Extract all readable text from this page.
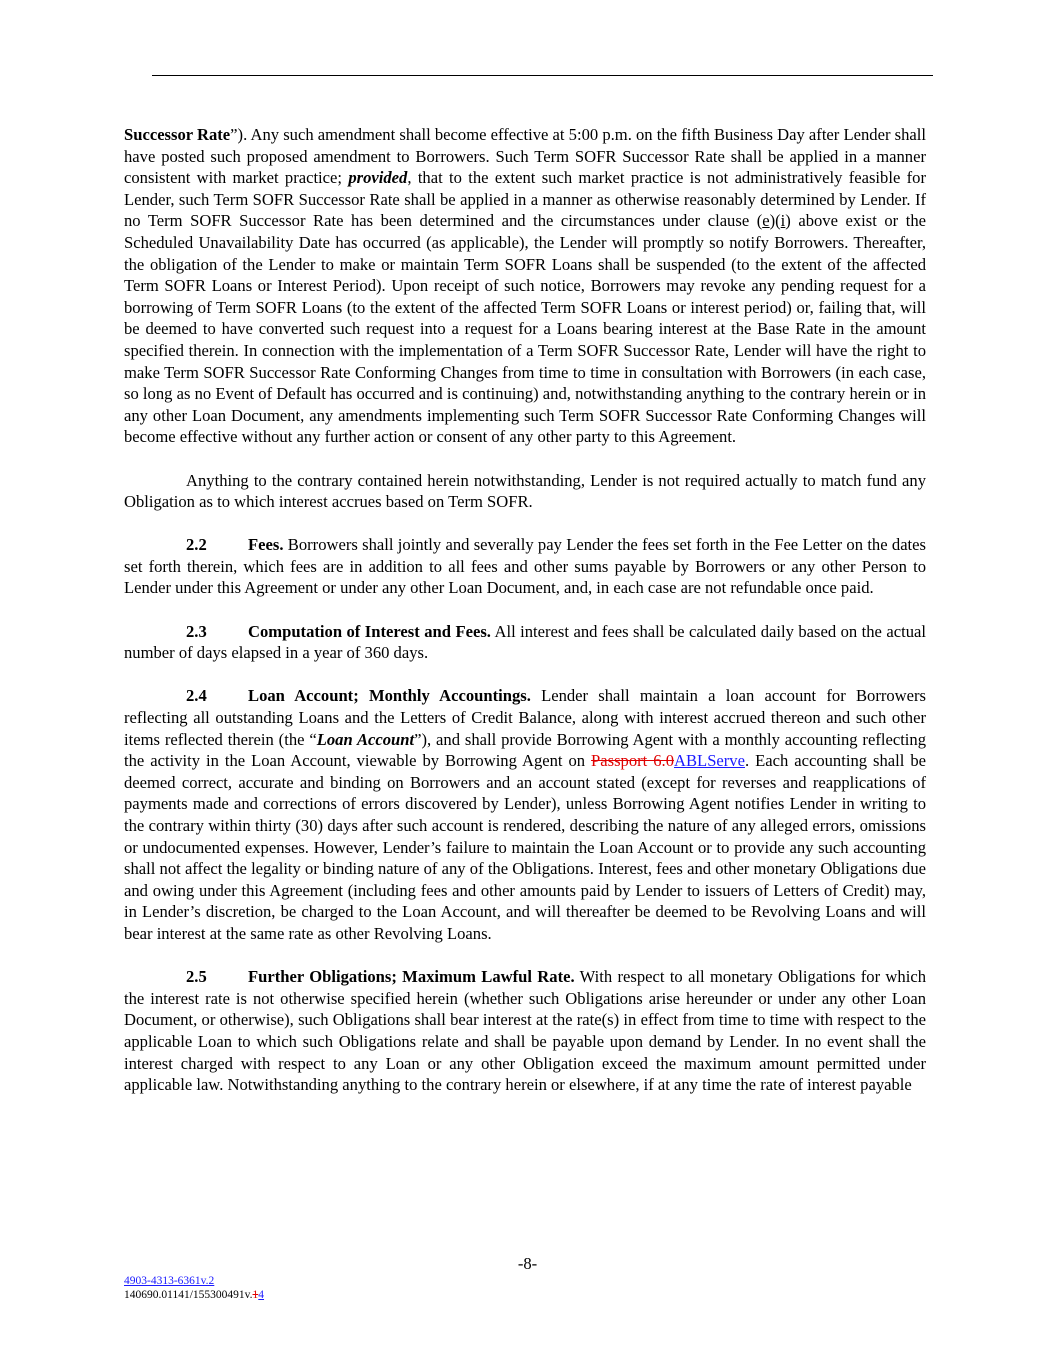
Successor Rate”). Any such amendment shall become effective at 5:00 p.m. on the fifth Business Day after Lender shall have posted such proposed amendment to Borrowers. Such Term SOFR Successor Rate shall be applied in a manner consistent with market practice; provided, that to the extent such market practice is not administratively feasible for Lender, such Term SOFR Successor Rate shall be applied in a manner as otherwise reasonably determined by Lender. If no Term SOFR Successor Rate has been determined and the circumstances under clause (e)(i) above exist or the Scheduled Unavailability Date has occurred (as applicable), the Lender will promptly so notify Borrowers. Thereafter, the obligation of the Lender to make or maintain Term SOFR Loans shall be suspended (to the extent of the affected Term SOFR Loans or Interest Period). Upon receipt of such notice, Borrowers may revoke any pending request for a borrowing of Term SOFR Loans (to the extent of the affected Term SOFR Loans or interest period) or, failing that, will be deemed to have converted such request into a request for a Loans bearing interest at the Base Rate in the amount specified therein. In connection with the implementation of a Term SOFR Successor Rate, Lender will have the right to make Term SOFR Successor Rate Conforming Changes from time to time in consultation with Borrowers (in each case, so long as no Event of Default has occurred and is continuing) and, notwithstanding anything to the contrary herein or in any other Loan Document, any amendments implementing such Term SOFR Successor Rate Conforming Changes will become effective without any further action or consent of any other party to this Agreement.

Anything to the contrary contained herein notwithstanding, Lender is not required actually to match fund any Obligation as to which interest accrues based on Term SOFR.

2.2 Fees. Borrowers shall jointly and severally pay Lender the fees set forth in the Fee Letter on the dates set forth therein, which fees are in addition to all fees and other sums payable by Borrowers or any other Person to Lender under this Agreement or under any other Loan Document, and, in each case are not refundable once paid.

2.3 Computation of Interest and Fees. All interest and fees shall be calculated daily based on the actual number of days elapsed in a year of 360 days.

2.4 Loan Account; Monthly Accountings. Lender shall maintain a loan account for Borrowers reflecting all outstanding Loans and the Letters of Credit Balance, along with interest accrued thereon and such other items reflected therein (the “Loan Account”), and shall provide Borrowing Agent with a monthly accounting reflecting the activity in the Loan Account, viewable by Borrowing Agent on Passport 6.0ABLServe. Each accounting shall be deemed correct, accurate and binding on Borrowers and an account stated (except for reverses and reapplications of payments made and corrections of errors discovered by Lender), unless Borrowing Agent notifies Lender in writing to the contrary within thirty (30) days after such account is rendered, describing the nature of any alleged errors, omissions or undocumented expenses. However, Lender’s failure to maintain the Loan Account or to provide any such accounting shall not affect the legality or binding nature of any of the Obligations. Interest, fees and other monetary Obligations due and owing under this Agreement (including fees and other amounts paid by Lender to issuers of Letters of Credit) may, in Lender’s discretion, be charged to the Loan Account, and will thereafter be deemed to be Revolving Loans and will bear interest at the same rate as other Revolving Loans.

2.5 Further Obligations; Maximum Lawful Rate. With respect to all monetary Obligations for which the interest rate is not otherwise specified herein (whether such Obligations arise hereunder or under any other Loan Document, or otherwise), such Obligations shall bear interest at the rate(s) in effect from time to time with respect to the applicable Loan to which such Obligations relate and shall be payable upon demand by Lender. In no event shall the interest charged with respect to any Loan or any other Obligation exceed the maximum amount permitted under applicable law. Notwithstanding anything to the contrary herein or elsewhere, if at any time the rate of interest payable

-8-
4903-4313-6361v.2
140690.01141/155300491v.14
